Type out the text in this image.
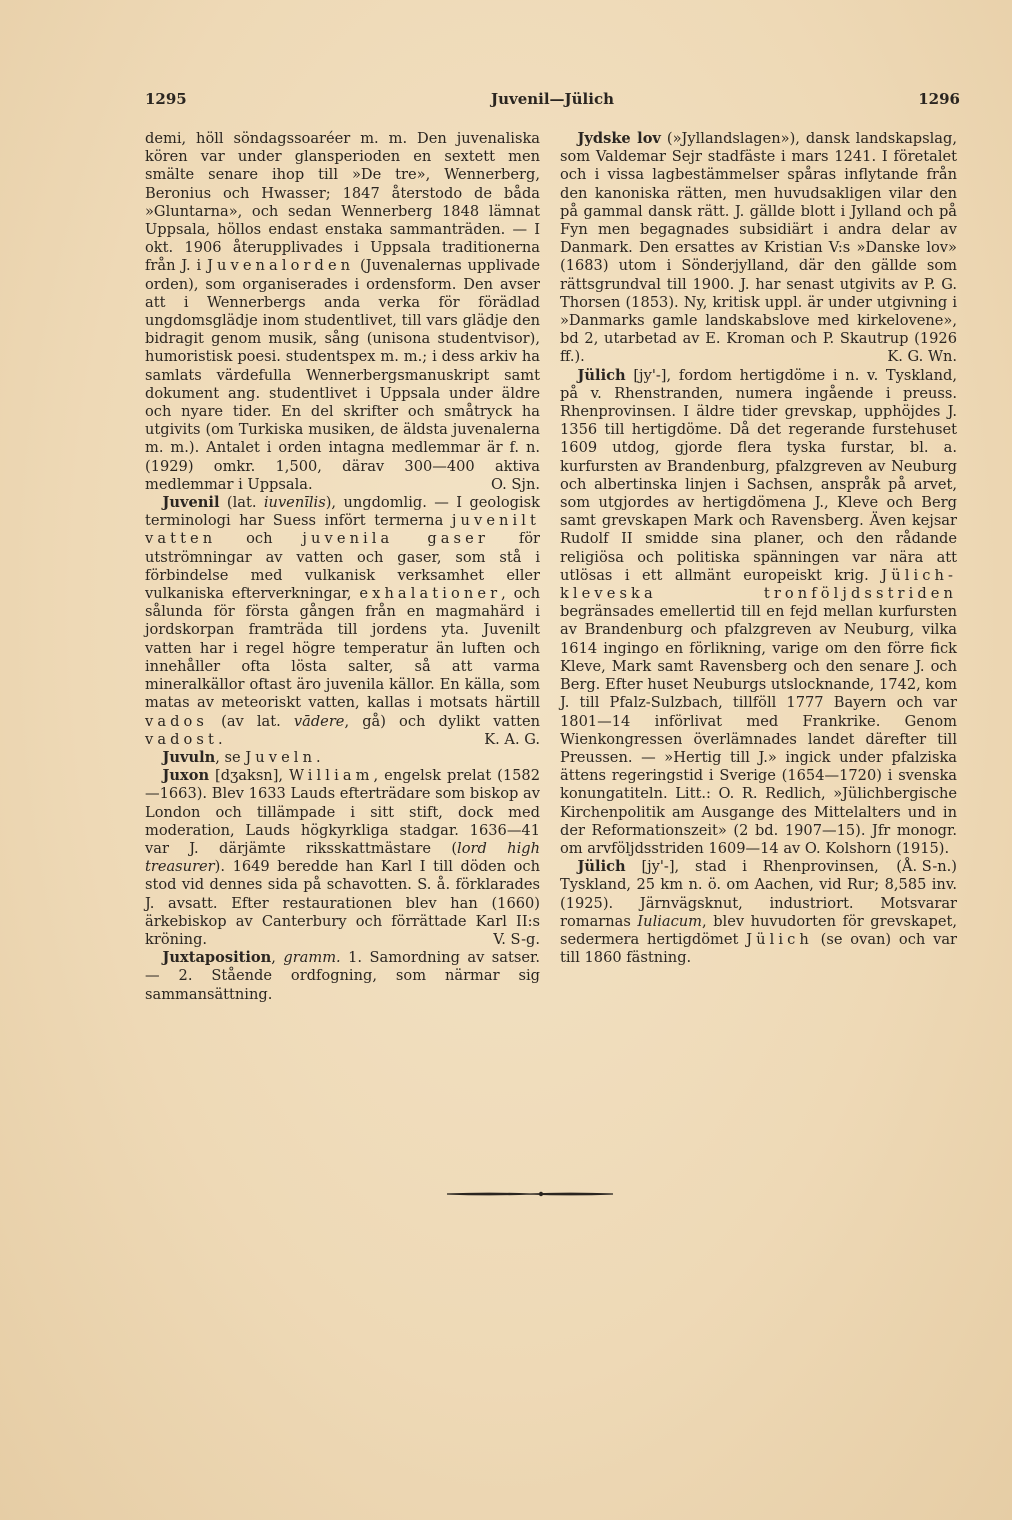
1295	Juvenil—Jülich	1296

demi, höll söndagssoaréer m. m. Den juvenaliska kören var under glansperioden en sextett men smälte senare ihop till »De tre», Wennerberg, Beronius och Hwasser; 1847 återstodo de båda »Gluntarna», och sedan Wennerberg 1848 lämnat Uppsala, höllos endast enstaka sammanträden. — I okt. 1906 återupplivades i Uppsala traditionerna från J. i Juvenalorden (Juvenalernas upplivade orden), som organiserades i ordensform. Den avser att i Wennerbergs anda verka för förädlad ungdomsglädje inom studentlivet, till vars glädje den bidragit genom musik, sång (unisona studentvisor), humoristisk poesi. studentspex m. m.; i dess arkiv ha samlats värdefulla Wennerbergsmanuskript samt dokument ang. studentlivet i Uppsala under äldre och nyare tider. En del skrifter och småtryck ha utgivits (om Turkiska musiken, de äldsta juvenalerna m. m.). Antalet i orden intagna medlemmar är f. n. (1929) omkr. 1,500, därav 300—400 aktiva medlemmar i Uppsala.	O. Sjn.

Juvenil (lat. iuvenīlis), ungdomlig. — I geologisk terminologi har Suess infört termerna juvenilt vatten och juvenila gaser för utströmningar av vatten och gaser, som stå i förbindelse med vulkanisk verksamhet eller vulkaniska efterverkningar, exhalationer, och sålunda för första gången från en magmahärd i jordskorpan framträda till jordens yta. Juvenilt vatten har i regel högre temperatur än luften och innehåller ofta lösta salter, så att varma mineralkällor oftast äro juvenila källor. En källa, som matas av meteoriskt vatten, kallas i motsats härtill vados (av lat. vādere, gå) och dylikt vatten vadost.	K. A. G.

Juvuln, se Juveln.

Juxon [dʒaksn], William, engelsk prelat (1582—1663). Blev 1633 Lauds efterträdare som biskop av London och tillämpade i sitt stift, dock med moderation, Lauds högkyrkliga stadgar. 1636—41 var J. därjämte riksskattmästare (lord high treasurer). 1649 beredde han Karl I till döden och stod vid dennes sida på schavotten. S. å. förklarades J. avsatt. Efter restaurationen blev han (1660) ärkebiskop av Canterbury och förrättade Karl II:s kröning.	V. S-g.

Juxtaposition, gramm. 1. Samordning av satser. — 2. Stående ordfogning, som närmar sig sammansättning.

Jydske lov (»Jyllandslagen»), dansk landskapslag, som Valdemar Sejr stadfäste i mars 1241. I företalet och i vissa lagbestämmelser spåras inflytande från den kanoniska rätten, men huvudsakligen vilar den på gammal dansk rätt. J. gällde blott i Jylland och på Fyn men begagnades subsidiärt i andra delar av Danmark. Den ersattes av Kristian V:s »Danske lov» (1683) utom i Sönderjylland, där den gällde som rättsgrundval till 1900. J. har senast utgivits av P. G. Thorsen (1853). Ny, kritisk uppl. är under utgivning i »Danmarks gamle landskabslove med kirkelovene», bd 2, utarbetad av E. Kroman och P. Skautrup (1926 ff.).	K. G. Wn.

Jülich [jy'-], fordom hertigdöme i n. v. Tyskland, på v. Rhenstranden, numera ingående i preuss. Rhenprovinsen. I äldre tider grevskap, upphöjdes J. 1356 till hertigdöme. Då det regerande furstehuset 1609 utdog, gjorde flera tyska furstar, bl. a. kurfursten av Brandenburg, pfalzgreven av Neuburg och albertinska linjen i Sachsen, anspråk på arvet, som utgjordes av hertigdömena J., Kleve och Berg samt grevskapen Mark och Ravensberg. Även kejsar Rudolf II smidde sina planer, och den rådande religiösa och politiska spänningen var nära att utlösas i ett allmänt europeiskt krig. Jülich-kleveska tronföljdsstriden begränsades emellertid till en fejd mellan kurfursten av Brandenburg och pfalzgreven av Neuburg, vilka 1614 ingingo en förlikning, varige om den förre fick Kleve, Mark samt Ravensberg och den senare J. och Berg. Efter huset Neuburgs utslocknande, 1742, kom J. till Pfalz-Sulzbach, tillföll 1777 Bayern och var 1801—14 införlivat med Frankrike. Genom Wienkongressen överlämnades landet därefter till Preussen. — »Hertig till J.» ingick under pfalziska ättens regeringstid i Sverige (1654—1720) i svenska konungatiteln. Litt.: O. R. Redlich, »Jülichbergische Kirchenpolitik am Ausgange des Mittelalters und in der Reformationszeit» (2 bd. 1907—15). Jfr monogr. om arvföljdsstriden 1609—14 av O. Kolshorn (1915).
(Å. S-n.)

Jülich [jy'-], stad i Rhenprovinsen, Tyskland, 25 km n. ö. om Aachen, vid Rur; 8,585 inv. (1925). Järnvägsknut, industriort. Motsvarar romarnas Iuliacum, blev huvudorten för grevskapet, sedermera hertigdömet Jülich (se ovan) och var till 1860 fästning.
